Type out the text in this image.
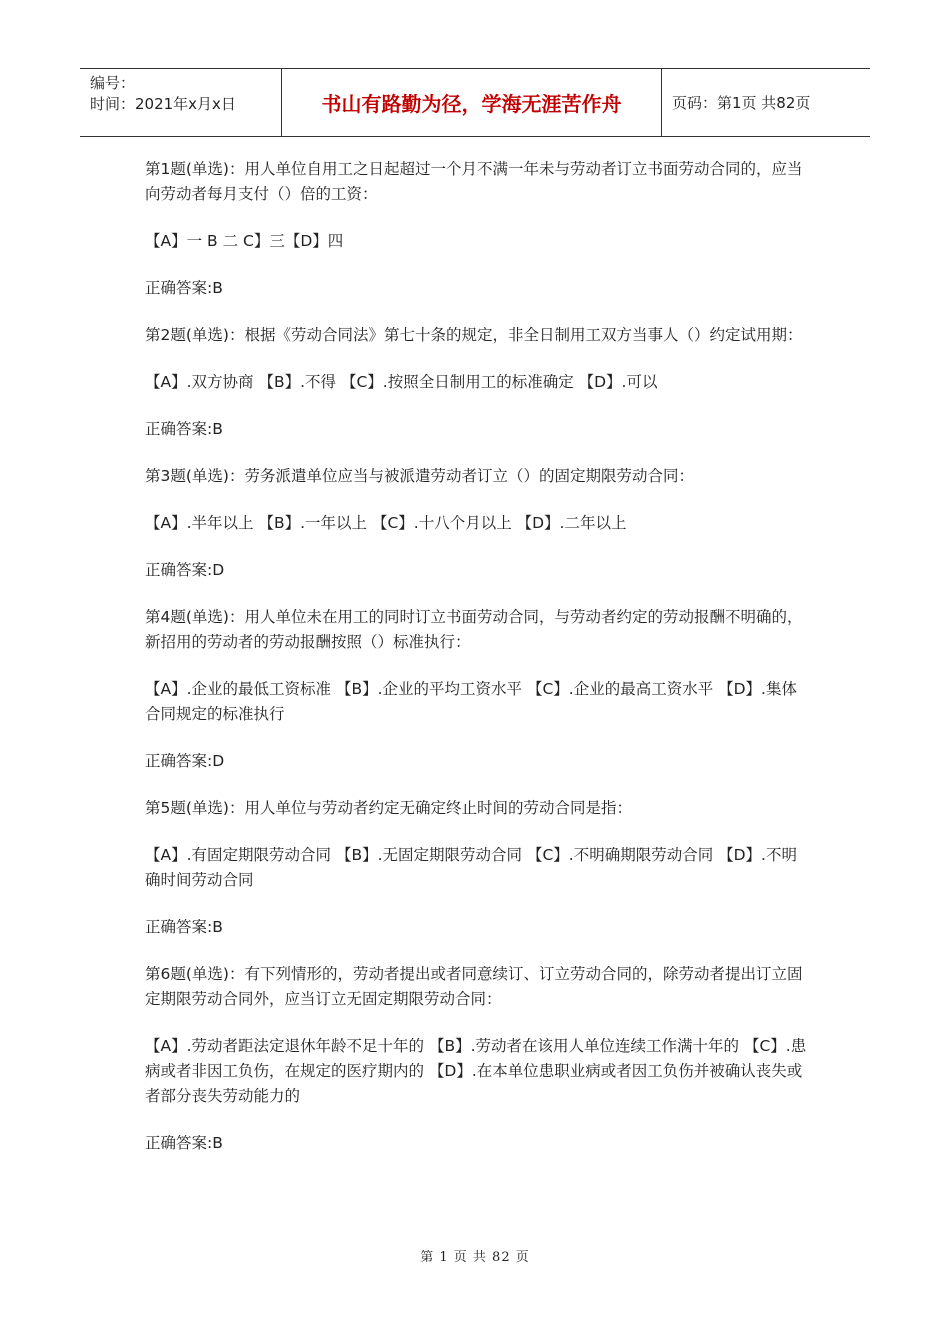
编号：
时间：2021年x月x日	书山有路勤为径，学海无涯苦作舟	页码：第1页 共82页

第1题(单选)：用人单位自用工之日起超过一个月不满一年未与劳动者订立书面劳动合同的，应当向劳动者每月支付（）倍的工资：

【A】一 B 二 C】三【D】四

正确答案:B

第2题(单选)：根据《劳动合同法》第七十条的规定，非全日制用工双方当事人（）约定试用期：

【A】.双方协商 【B】.不得 【C】.按照全日制用工的标准确定 【D】.可以

正确答案:B

第3题(单选)：劳务派遣单位应当与被派遣劳动者订立（）的固定期限劳动合同：

【A】.半年以上 【B】.一年以上 【C】.十八个月以上 【D】.二年以上

正确答案:D

第4题(单选)：用人单位未在用工的同时订立书面劳动合同，与劳动者约定的劳动报酬不明确的，新招用的劳动者的劳动报酬按照（）标准执行：

【A】.企业的最低工资标准 【B】.企业的平均工资水平 【C】.企业的最高工资水平 【D】.集体合同规定的标准执行

正确答案:D

第5题(单选)：用人单位与劳动者约定无确定终止时间的劳动合同是指：

【A】.有固定期限劳动合同 【B】.无固定期限劳动合同 【C】.不明确期限劳动合同 【D】.不明确时间劳动合同

正确答案:B

第6题(单选)：有下列情形的，劳动者提出或者同意续订、订立劳动合同的，除劳动者提出订立固定期限劳动合同外，应当订立无固定期限劳动合同：

【A】.劳动者距法定退休年龄不足十年的 【B】.劳动者在该用人单位连续工作满十年的 【C】.患病或者非因工负伤，在规定的医疗期内的 【D】.在本单位患职业病或者因工负伤并被确认丧失或者部分丧失劳动能力的

正确答案:B

第 1 页 共 82 页
